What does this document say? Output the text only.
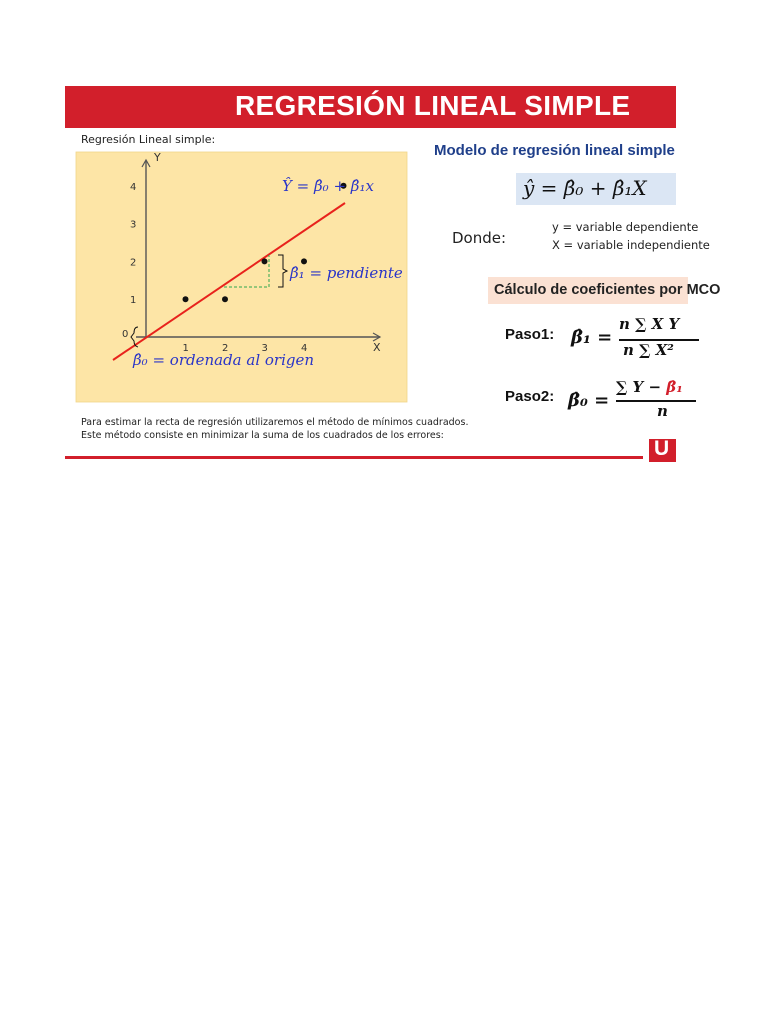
REGRESIÓN LINEAL SIMPLE
Regresión Lineal simple:
Y
X
0
1	2	3	4
1
2
3
4	Ŷ = β̂₀ + β̂₁x
β̂₁ = pendiente
β̂₀ = ordenada al origen
Para estimar la recta de regresión utilizaremos el método de mínimos cuadrados.
Este método consiste en minimizar la suma de los cuadrados de los errores:
U
Modelo de regresión lineal simple
ŷ = β̂₀ + β̂₁X
Donde:
y = variable dependiente
X = variable independiente
Cálculo de coeficientes por MCO
Paso1: β̂₁ =
n ∑ X Y
n ∑ X²
Paso2: β̂₀ =
∑ Y − β̂₁
n
